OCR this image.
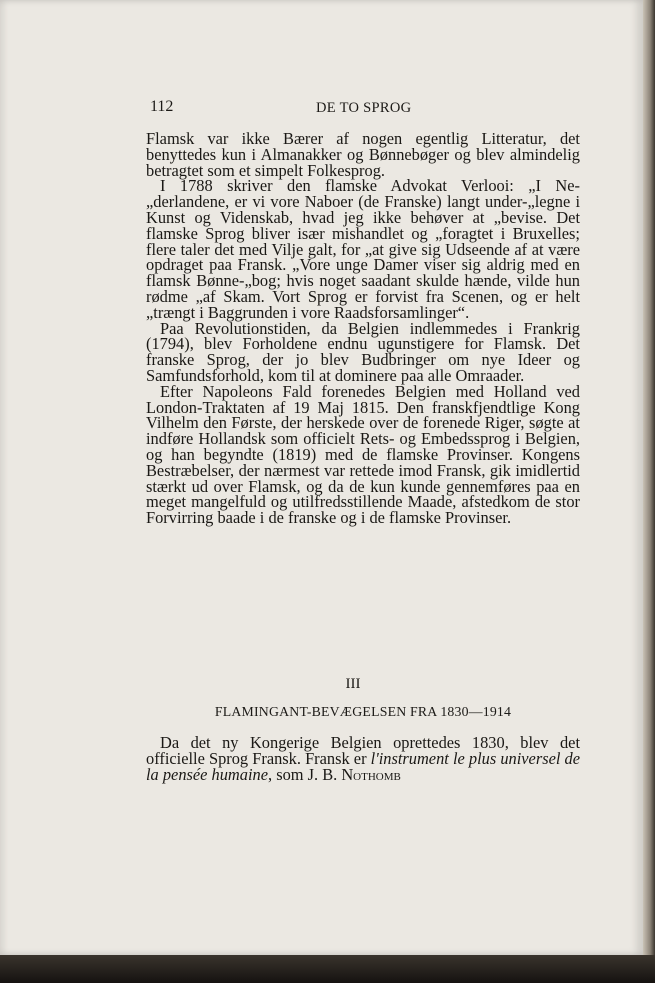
112	DE TO SPROG

Flamsk var ikke Bærer af nogen egentlig Litteratur, det benyttedes kun i Almanakker og Bønnebøger og blev almindelig betragtet som et simpelt Folkesprog.

I 1788 skriver den flamske Advokat Verlooi: „I Ne-„derlandene, er vi vore Naboer (de Franske) langt under-„legne i Kunst og Videnskab, hvad jeg ikke behøver at „bevise. Det flamske Sprog bliver især mishandlet og „foragtet i Bruxelles; flere taler det med Vilje galt, for „at give sig Udseende af at være opdraget paa Fransk. „Vore unge Damer viser sig aldrig med en flamsk Bønne-„bog; hvis noget saadant skulde hænde, vilde hun rødme „af Skam. Vort Sprog er forvist fra Scenen, og er helt „trængt i Baggrunden i vore Raadsforsamlinger“.

Paa Revolutionstiden, da Belgien indlemmedes i Frankrig (1794), blev Forholdene endnu ugunstigere for Flamsk. Det franske Sprog, der jo blev Budbringer om nye Ideer og Samfundsforhold, kom til at dominere paa alle Omraader.

Efter Napoleons Fald forenedes Belgien med Holland ved London-Traktaten af 19 Maj 1815. Den franskfjendtlige Kong Vilhelm den Første, der herskede over de forenede Riger, søgte at indføre Hollandsk som officielt Rets- og Embedssprog i Belgien, og han begyndte (1819) med de flamske Provinser. Kongens Bestræbelser, der nærmest var rettede imod Fransk, gik imidlertid stærkt ud over Flamsk, og da de kun kunde gennemføres paa en meget mangelfuld og utilfredsstillende Maade, afstedkom de stor Forvirring baade i de franske og i de flamske Provinser.

III
FLAMINGANT-BEVÆGELSEN FRA 1830—1914

Da det ny Kongerige Belgien oprettedes 1830, blev det officielle Sprog Fransk. Fransk er l'instrument le plus universel de la pensée humaine, som J. B. Nothomb
